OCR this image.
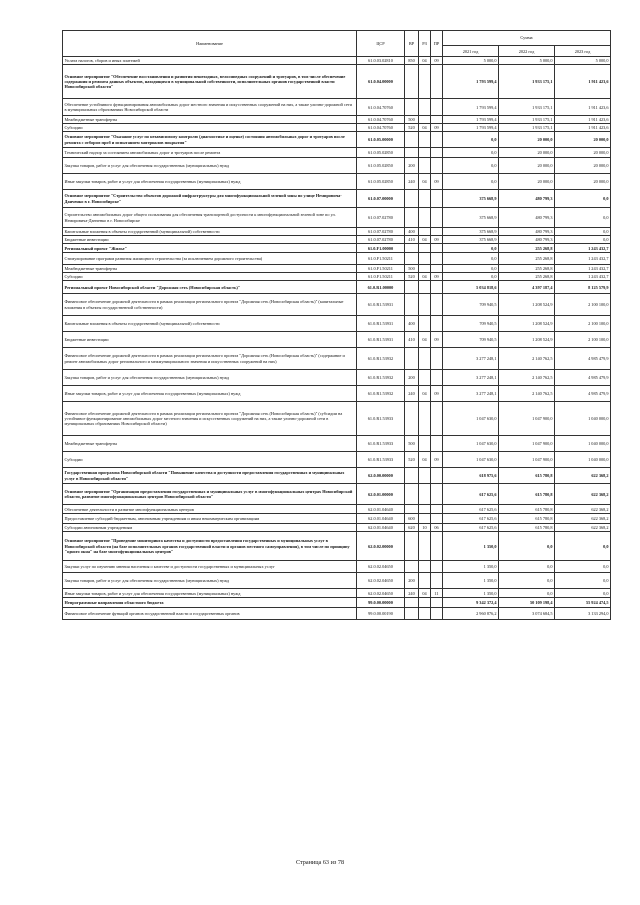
Наименование	ЦСР	ВР	РЗ	ПР	Сумма		
					2021 год	2022 год	2023 год
Уплата налогов, сборов и иных платежей	61.0.03.02810	850	04	09	5 000,0	5 000,0	5 000,0
Основное мероприятие "Обеспечение восстановления и развития пешеходных, велосипедных сооружений и тротуаров, в том числе обеспечение содержания и ремонта данных объектов, находящихся в муниципальной собственности, исполнительных органов государственной власти Новосибирской области"	61.0.04.00000				1 793 599,4	1 933 175,1	1 911 423,6
Обеспечение устойчивого функционирования автомобильных дорог местного значения и искусственных сооружений на них, а также улично-дорожной сети в муниципальных образованиях Новосибирской области	61.0.04.70760				1 793 599,4	1 933 175,1	1 911 423,6
Межбюджетные трансферты	61.0.04.70760	500			1 793 599,4	1 933 175,1	1 911 423,6
Субсидии	61.0.04.70760	520	04	09	1 793 599,4	1 933 175,1	1 911 423,6
Основное мероприятие "Оказание услуг по независимому контролю (диагностике и оценке) состояния автомобильных дорог и тротуаров после ремонта с отбором проб и испытанием материалов покрытия"	61.0.05.00000				0,0	20 000,0	20 000,0
Технический надзор за состоянием автомобильных дорог и тротуаров после ремонта	61.0.05.02850				0,0	20 000,0	20 000,0
Закупка товаров, работ и услуг для обеспечения государственных (муниципальных) нужд	61.0.05.02850	200			0,0	20 000,0	20 000,0
Иные закупки товаров, работ и услуг для обеспечения государственных (муниципальных) нужд	61.0.05.02850	240	04	09	0,0	20 000,0	20 000,0
Основное мероприятие "Строительство объектов дорожной инфраструктуры для многофункциональной зеленой зоны по улице Немировича-Данченко в г. Новосибирске"	61.0.07.00000				375 668,9	480 799,3	0,0
Строительство автомобильных дорог общего пользования для обеспечения транспортной доступности к многофункциональной зеленой зоне по ул. Немировича-Данченко в г. Новосибирске	61.0.07.02780				375 668,9	480 799,3	0,0
Капитальные вложения в объекты государственной (муниципальной) собственности	61.0.07.02780	400			375 668,9	480 799,3	0,0
Бюджетные инвестиции	61.0.07.02780	410	04	09	375 668,9	480 799,3	0,0
Региональный проект "Жилье"	61.0.F1.00000				0,0	255 268,8	1 243 432,7
Стимулирование программ развития жилищного строительства (за исключением дорожного строительства)	61.0.F1.50211				0,0	255 268,8	1 243 432,7
Межбюджетные трансферты	61.0.F1.50211	500			0,0	255 268,8	1 243 432,7
Субсидии	61.0.F1.50211	520	04	09	0,0	255 268,8	1 243 432,7
Региональный проект Новосибирской области "Дорожная сеть (Новосибирская область)"	61.0.R1.00000				5 034 818,6	4 397 187,4	8 125 579,9
Финансовое обеспечение дорожной деятельности в рамках реализации регионального проекта "Дорожная сеть (Новосибирская область)" (капитальные вложения в объекты государственной собственности)	61.0.R1.53931				709 940,5	1 208 524,9	2 100 100,0
Капитальные вложения в объекты государственной (муниципальной) собственности	61.0.R1.53931	400			709 940,5	1 208 524,9	2 100 100,0
Бюджетные инвестиции	61.0.R1.53931	410	04	09	709 940,5	1 208 524,9	2 100 100,0
Финансовое обеспечение дорожной деятельности в рамках реализации регионального проекта "Дорожная сеть (Новосибирская область)" (содержание и ремонт автомобильных дорог регионального и межмуниципального значения и искусственных сооружений на них)	61.0.R1.53932				3 277 248,1	2 140 762,5	4 985 479,9
Закупка товаров, работ и услуг для обеспечения государственных (муниципальных) нужд	61.0.R1.53932	200			3 277 248,1	2 140 762,5	4 985 479,9
Иные закупки товаров, работ и услуг для обеспечения государственных (муниципальных) нужд	61.0.R1.53932	240	04	09	3 277 248,1	2 140 762,5	4 985 479,9
Финансовое обеспечение дорожной деятельности в рамках реализации регионального проекта "Дорожная сеть (Новосибирская область)" (субсидии на устойчивое функционирование автомобильных дорог местного значения и искусственных сооружений на них, а также улично-дорожной сети в муниципальных образованиях Новосибирской области)	61.0.R1.53933				1 047 630,0	1 047 900,0	1 040 000,0
Межбюджетные трансферты	61.0.R1.53933	500			1 047 630,0	1 047 900,0	1 040 000,0
Субсидии	61.0.R1.53933	520	04	09	1 047 630,0	1 047 900,0	1 040 000,0
Государственная программа Новосибирской области "Повышение качества и доступности предоставления государственных и муниципальных услуг в Новосибирской области"	62.0.00.00000				618 975,6	615 780,8	622 368,2
Основное мероприятие "Организация предоставления государственных и муниципальных услуг в многофункциональных центрах Новосибирской области, развитие многофункциональных центров Новосибирской области"	62.0.01.00000				617 625,6	615 780,8	622 368,2
Обеспечение деятельности в развитие многофункциональных центров	62.0.01.04640				617 625,6	615 780,8	622 368,2
Предоставление субсидий бюджетным, автономным учреждениям и иным некоммерческим организациям	62.0.01.04640	600			617 625,6	615 780,8	622 368,2
Субсидии автономным учреждениям	62.0.01.04640	620	10	06	617 625,6	615 780,8	622 368,2
Основное мероприятие "Проведение мониторинга качества и доступности предоставления государственных и муниципальных услуг в Новосибирской области (на базе исполнительных органов государственной власти и органов местного самоуправления), в том числе по принципу "одного окна" на базе многофункциональных центров"	62.0.02.00000				1 350,0	0,0	0,0
Закупки услуг по изучению мнения населения о качестве и доступности государственных и муниципальных услуг	62.0.02.04650				1 350,0	0,0	0,0
Закупка товаров, работ и услуг для обеспечения государственных (муниципальных) нужд	62.0.02.04650	200			1 350,0	0,0	0,0
Иные закупки товаров, работ и услуг для обеспечения государственных (муниципальных) нужд	62.0.02.04650	240	04	11	1 350,0	0,0	0,0
Непрограммные направления областного бюджета	99.0.00.00000				9 342 372,4	50 109 198,4	55 924 474,5
Финансовое обеспечение функций органов государственной власти и государственных органов	99.0.00.00190				2 960 876,2	3 074 684,5	3 133 294,0
Страница 63 из 78
